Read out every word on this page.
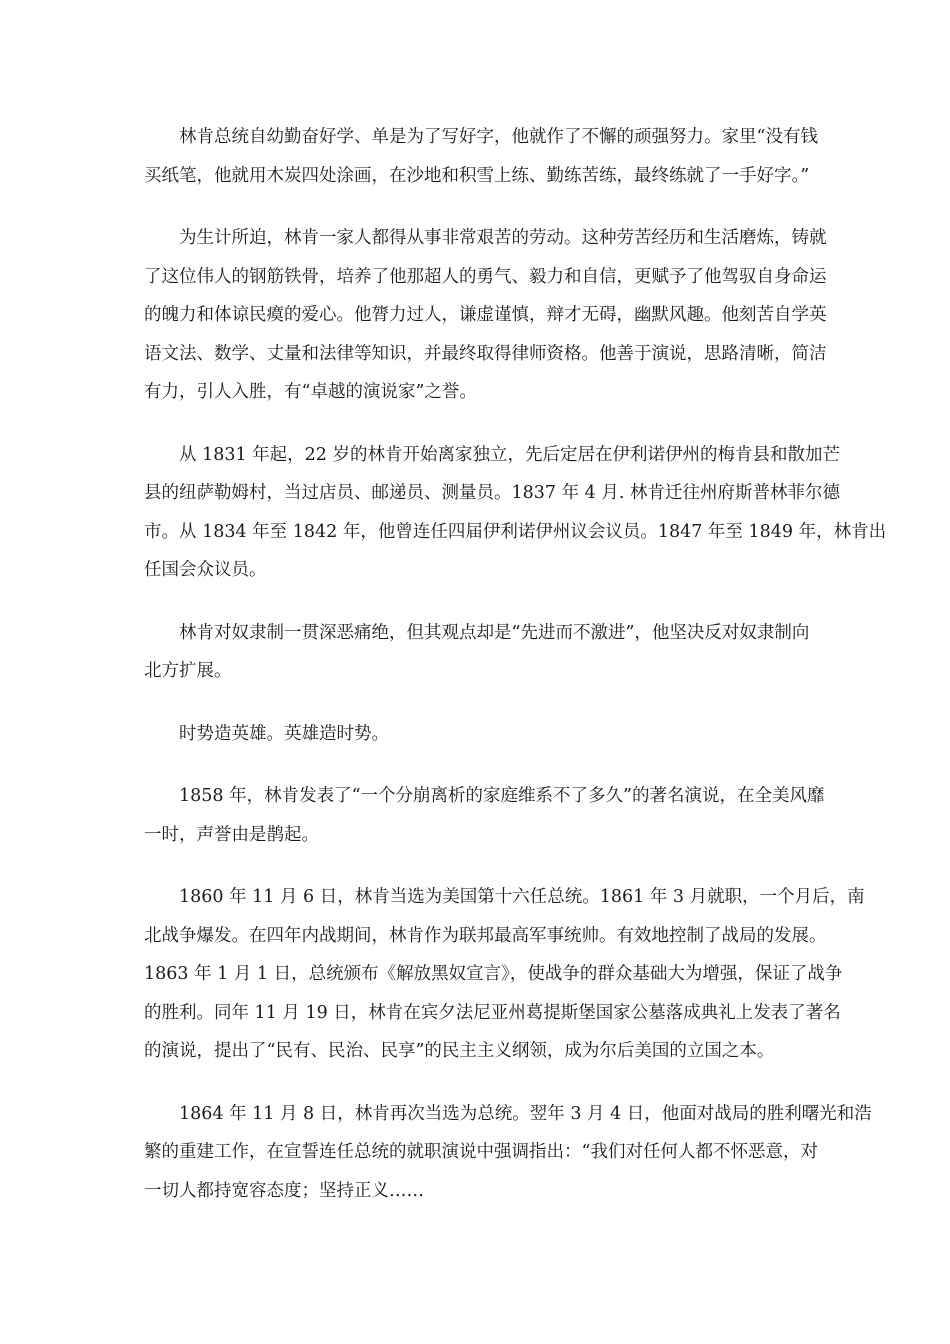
林肯总统自幼勤奋好学、单是为了写好字，他就作了不懈的顽强努力。家里“没有钱
买纸笔，他就用木炭四处涂画，在沙地和积雪上练、勤练苦练，最终练就了一手好字。”
为生计所迫，林肯一家人都得从事非常艰苦的劳动。这种劳苦经历和生活磨炼，铸就
了这位伟人的钢筋铁骨，培养了他那超人的勇气、毅力和自信，更赋予了他驾驭自身命运
的魄力和体谅民瘼的爱心。他膂力过人，谦虚谨慎，辩才无碍，幽默风趣。他刻苦自学英
语文法、数学、丈量和法律等知识，并最终取得律师资格。他善于演说，思路清晰，简洁
有力，引人入胜，有“卓越的演说家”之誉。
从 1831 年起，22 岁的林肯开始离家独立，先后定居在伊利诺伊州的梅肯县和散加芒
县的纽萨勒姆村，当过店员、邮递员、测量员。1837 年 4 月. 林肯迁往州府斯普林菲尔德
市。从 1834 年至 1842 年，他曾连任四届伊利诺伊州议会议员。1847 年至 1849 年，林肯出
任国会众议员。
林肯对奴隶制一贯深恶痛绝，但其观点却是“先进而不激进”，他坚决反对奴隶制向
北方扩展。
时势造英雄。英雄造时势。
1858 年，林肯发表了“一个分崩离析的家庭维系不了多久”的著名演说，在全美风靡
一时，声誉由是鹊起。
1860 年 11 月 6 日，林肯当选为美国第十六任总统。1861 年 3 月就职，一个月后，南
北战争爆发。在四年内战期间，林肯作为联邦最高军事统帅。有效地控制了战局的发展。
1863 年 1 月 1 日，总统颁布《解放黑奴宣言》，使战争的群众基础大为增强，保证了战争
的胜利。同年 11 月 19 日，林肯在宾夕法尼亚州葛提斯堡国家公墓落成典礼上发表了著名
的演说，提出了“民有、民治、民享”的民主主义纲领，成为尔后美国的立国之本。
1864 年 11 月 8 日，林肯再次当选为总统。翌年 3 月 4 日，他面对战局的胜利曙光和浩
繁的重建工作，在宣誓连任总统的就职演说中强调指出：“我们对任何人都不怀恶意，对
一切人都持宽容态度；坚持正义……
